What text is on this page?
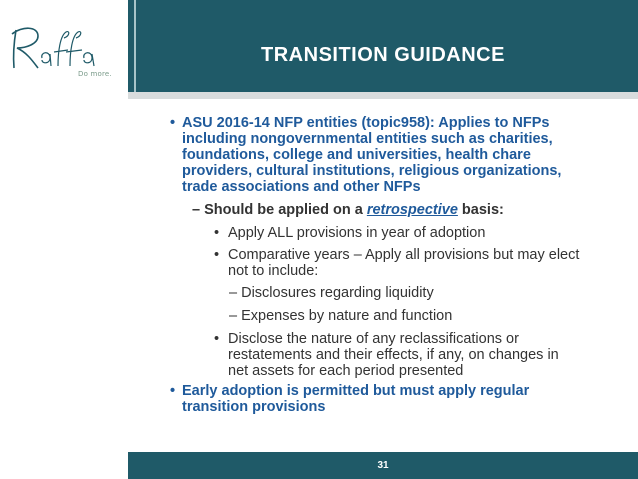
Do more.
TRANSITION GUIDANCE
• ASU 2016-14 NFP entities (topic958): Applies to NFPs
including nongovernmental entities such as charities,
foundations, college and universities, health chare
providers, cultural institutions, religious organizations,
trade associations and other NFPs
– Should be applied on a retrospective basis:
• Apply ALL provisions in year of adoption
• Comparative years – Apply all provisions but may elect
not to include:
– Disclosures regarding liquidity
– Expenses by nature and function
• Disclose the nature of any reclassifications or
restatements and their effects, if any, on changes in
net assets for each period presented
• Early adoption is permitted but must apply regular
transition provisions
31
